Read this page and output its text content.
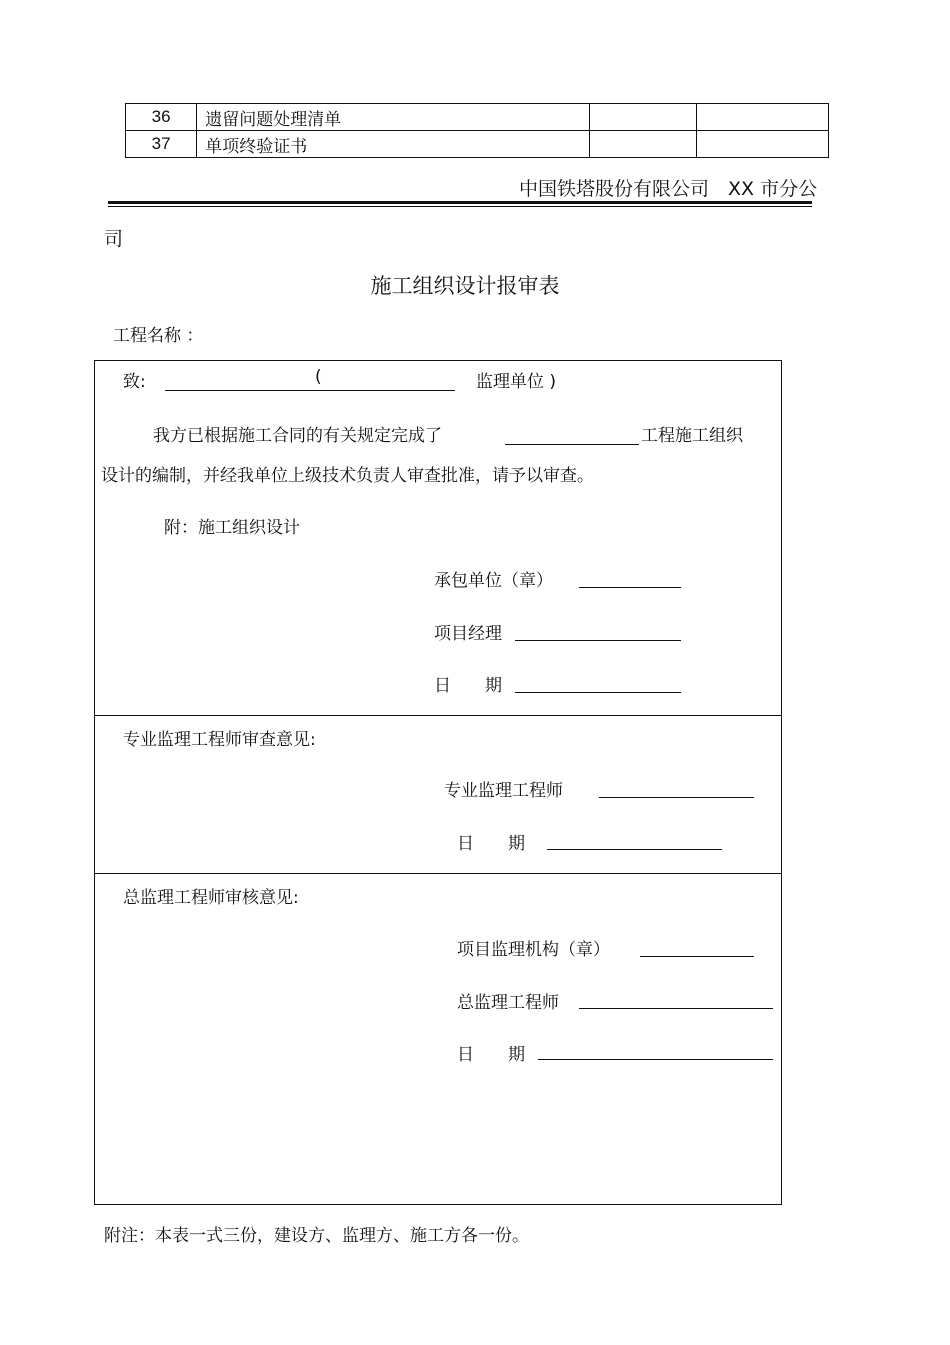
36	遗留问题处理清单		
37	单项终验证书		
中国铁塔股份有限公司　XX 市分公
司
施工组织设计报审表
工程名称 ：
致:	(	监理单位 )
我方已根据施工合同的有关规定完成了	工程施工组织
设计的编制，并经我单位上级技术负责人审查批准，请予以审查。
附：施工组织设计
承包单位（章）
项目经理
日　　期
专业监理工程师审查意见:
专业监理工程师
日　　期
总监理工程师审核意见:
项目监理机构（章）
总监理工程师
日　　期
附注：本表一式三份，建设方、监理方、施工方各一份。
